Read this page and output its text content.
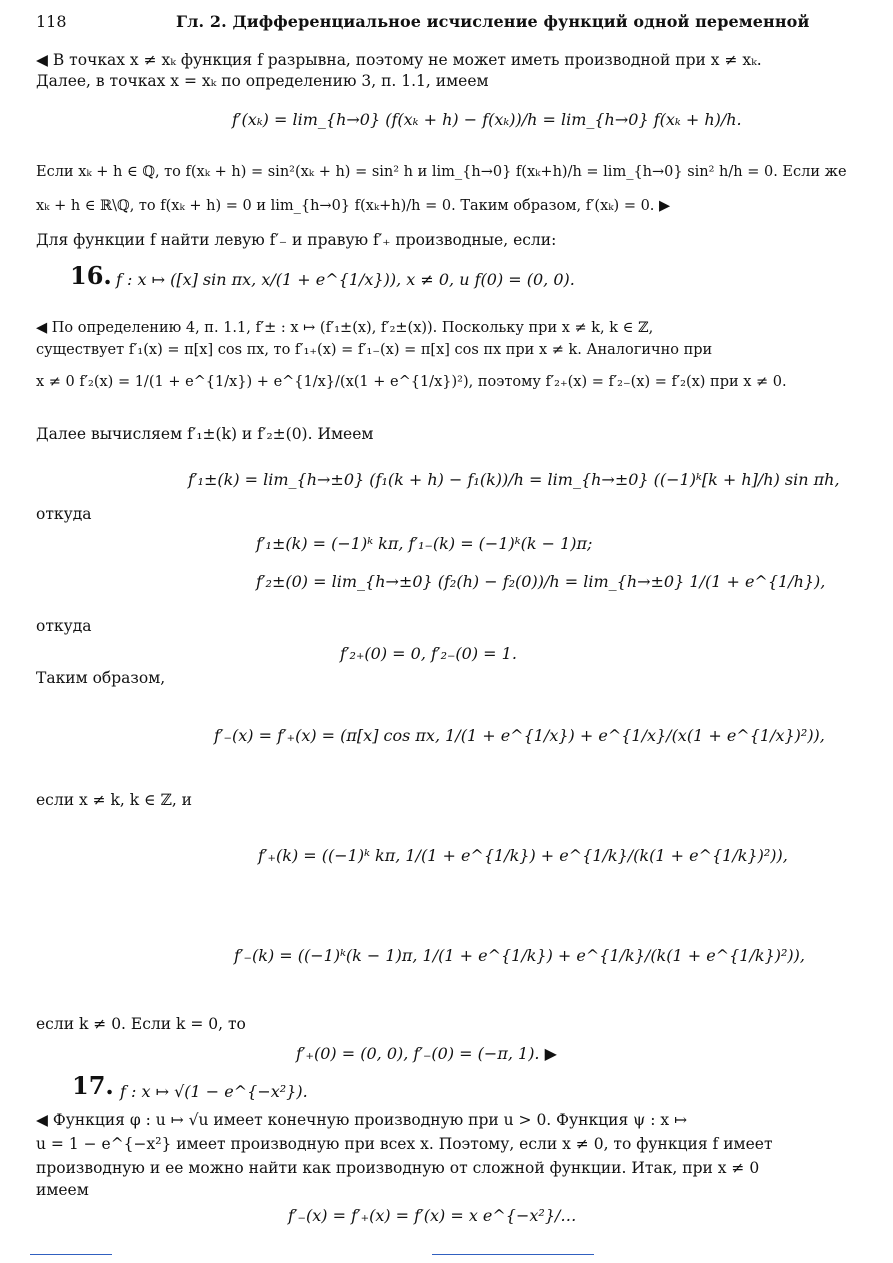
118	Гл. 2. Дифференциальное исчисление функций одной переменной
◀ В точках x ≠ xₖ функция f разрывна, поэтому не может иметь производной при x ≠ xₖ.
Далее, в точках x = xₖ по определению 3, п. 1.1, имеем
f′(xₖ) = lim_{h→0} (f(xₖ + h) − f(xₖ))/h = lim_{h→0} f(xₖ + h)/h.
Если xₖ + h ∈ ℚ, то f(xₖ + h) = sin²(xₖ + h) = sin² h и lim_{h→0} f(xₖ+h)/h = lim_{h→0} sin² h/h = 0. Если же
xₖ + h ∈ ℝ\ℚ, то f(xₖ + h) = 0 и lim_{h→0} f(xₖ+h)/h = 0. Таким образом, f′(xₖ) = 0. ▶
Для функции f найти левую f′₋ и правую f′₊ производные, если:
16. f : x ↦ ([x] sin πx, x/(1 + e^{1/x})), x ≠ 0, и f(0) = (0, 0).
◀ По определению 4, п. 1.1, f′± : x ↦ (f′₁±(x), f′₂±(x)). Поскольку при x ≠ k, k ∈ ℤ,
существует f′₁(x) = π[x] cos πx, то f′₁₊(x) = f′₁₋(x) = π[x] cos πx при x ≠ k. Аналогично при
x ≠ 0 f′₂(x) = 1/(1 + e^{1/x}) + e^{1/x}/(x(1 + e^{1/x})²), поэтому f′₂₊(x) = f′₂₋(x) = f′₂(x) при x ≠ 0.
Далее вычисляем f′₁±(k) и f′₂±(0). Имеем
f′₁±(k) = lim_{h→±0} (f₁(k + h) − f₁(k))/h = lim_{h→±0} ((−1)ᵏ[k + h]/h) sin πh,
откуда
f′₁±(k) = (−1)ᵏ kπ, f′₁₋(k) = (−1)ᵏ(k − 1)π;
f′₂±(0) = lim_{h→±0} (f₂(h) − f₂(0))/h = lim_{h→±0} 1/(1 + e^{1/h}),
откуда
f′₂₊(0) = 0, f′₂₋(0) = 1.
Таким образом,
f′₋(x) = f′₊(x) = (π[x] cos πx, 1/(1 + e^{1/x}) + e^{1/x}/(x(1 + e^{1/x})²)),
если x ≠ k, k ∈ ℤ, и
f′₊(k) = ((−1)ᵏ kπ, 1/(1 + e^{1/k}) + e^{1/k}/(k(1 + e^{1/k})²)),
f′₋(k) = ((−1)ᵏ(k − 1)π, 1/(1 + e^{1/k}) + e^{1/k}/(k(1 + e^{1/k})²)),
если k ≠ 0. Если k = 0, то
f′₊(0) = (0, 0), f′₋(0) = (−π, 1). ▶
17. f : x ↦ √(1 − e^{−x²}).
◀ Функция φ : u ↦ √u имеет конечную производную при u > 0. Функция ψ : x ↦
u = 1 − e^{−x²} имеет производную при всех x. Поэтому, если x ≠ 0, то функция f имеет
производную и ее можно найти как производную от сложной функции. Итак, при x ≠ 0
имеем
f′₋(x) = f′₊(x) = f′(x) = x e^{−x²}/…
